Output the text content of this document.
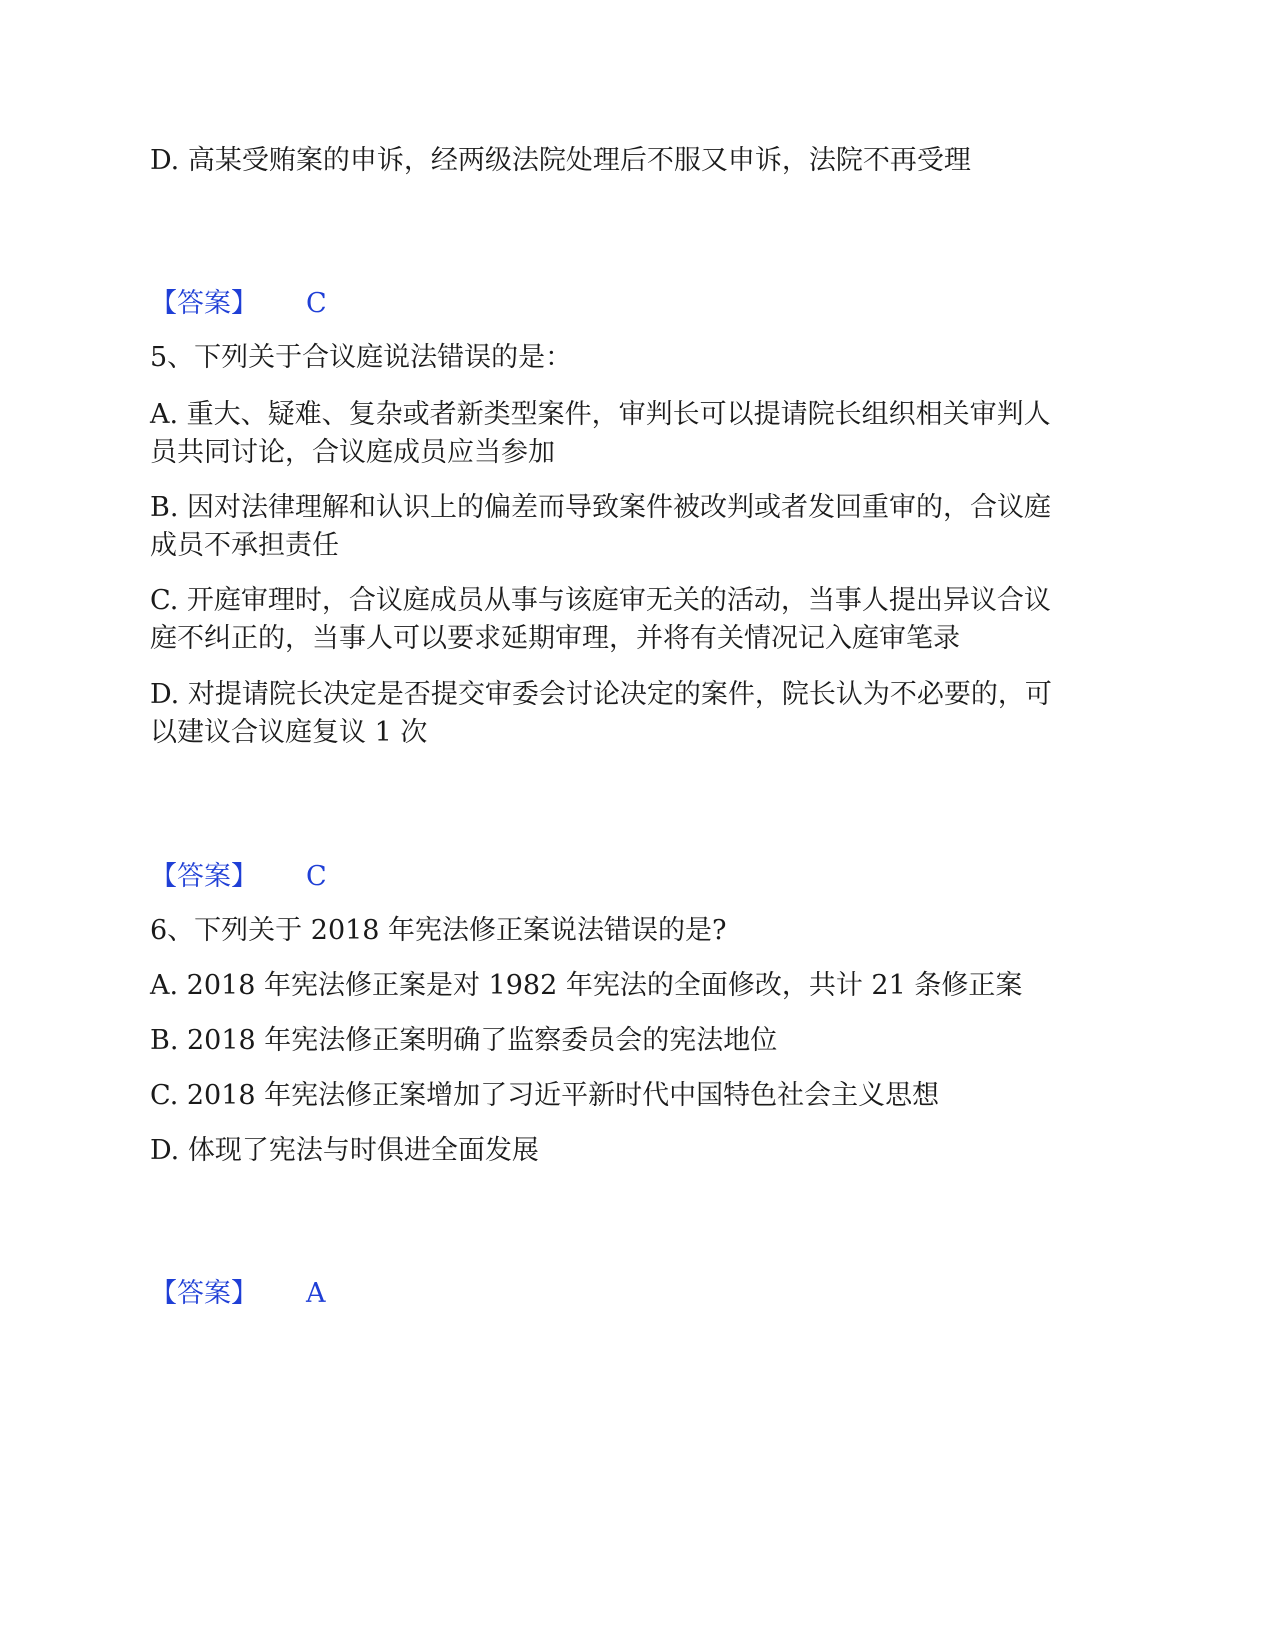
D. 高某受贿案的申诉，经两级法院处理后不服又申诉，法院不再受理
【答案】 C
5、下列关于合议庭说法错误的是：
A. 重大、疑难、复杂或者新类型案件，审判长可以提请院长组织相关审判人
员共同讨论，合议庭成员应当参加
B. 因对法律理解和认识上的偏差而导致案件被改判或者发回重审的，合议庭
成员不承担责任
C. 开庭审理时，合议庭成员从事与该庭审无关的活动，当事人提出异议合议
庭不纠正的，当事人可以要求延期审理，并将有关情况记入庭审笔录
D. 对提请院长决定是否提交审委会讨论决定的案件，院长认为不必要的，可
以建议合议庭复议 1 次
【答案】 C
6、下列关于 2018 年宪法修正案说法错误的是?
A. 2018 年宪法修正案是对 1982 年宪法的全面修改，共计 21 条修正案
B. 2018 年宪法修正案明确了监察委员会的宪法地位
C. 2018 年宪法修正案增加了习近平新时代中国特色社会主义思想
D. 体现了宪法与时俱进全面发展
【答案】 A
